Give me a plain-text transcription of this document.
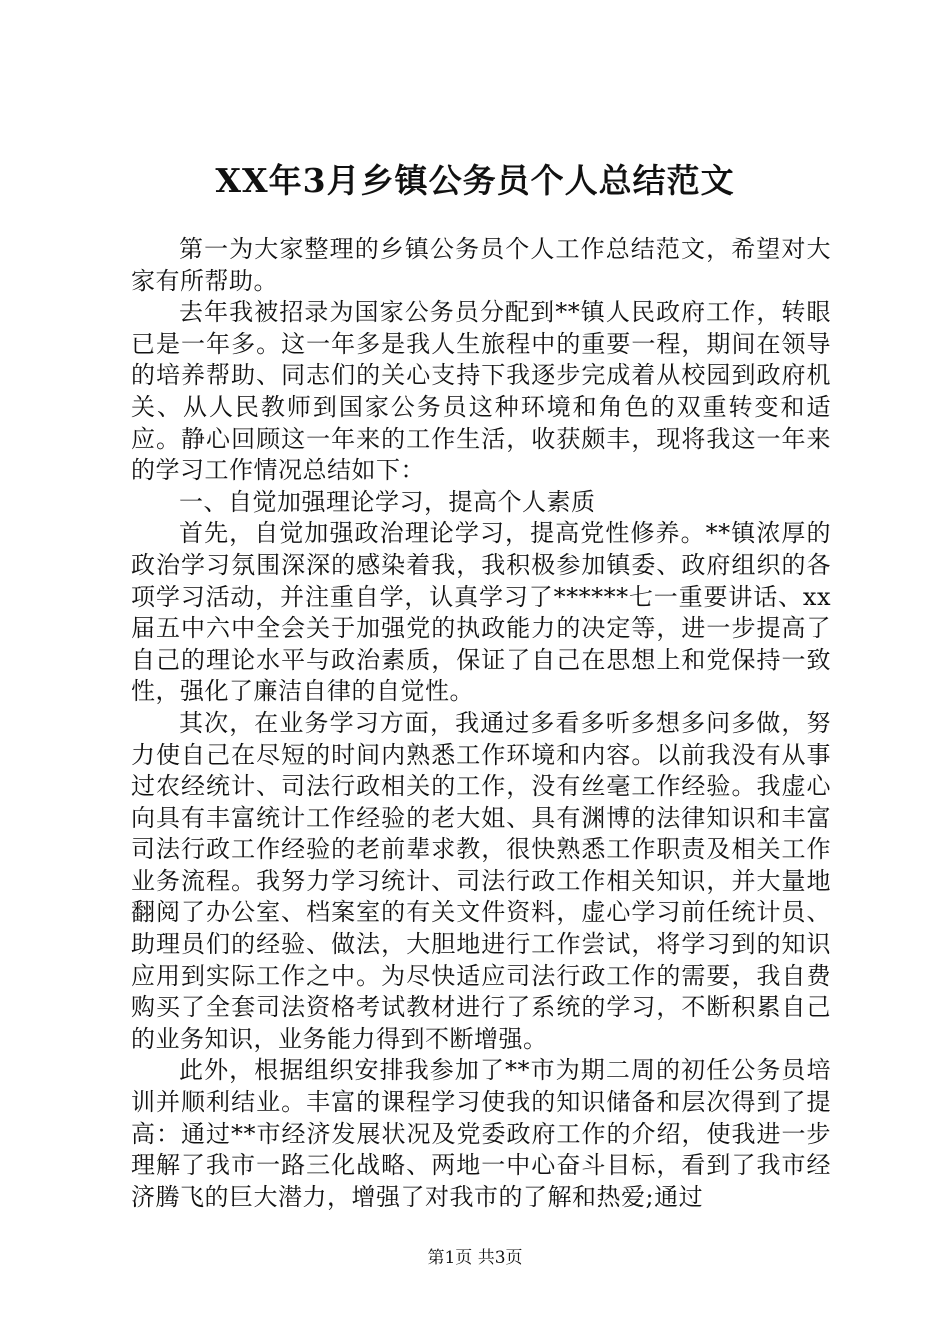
XX年3月乡镇公务员个人总结范文

第一为大家整理的乡镇公务员个人工作总结范文，希望对大家有所帮助。

去年我被招录为国家公务员分配到**镇人民政府工作，转眼已是一年多。这一年多是我人生旅程中的重要一程，期间在领导的培养帮助、同志们的关心支持下我逐步完成着从校园到政府机关、从人民教师到国家公务员这种环境和角色的双重转变和适应。静心回顾这一年来的工作生活，收获颇丰，现将我这一年来的学习工作情况总结如下：

一、自觉加强理论学习，提高个人素质

首先，自觉加强政治理论学习，提高党性修养。**镇浓厚的政治学习氛围深深的感染着我，我积极参加镇委、政府组织的各项学习活动，并注重自学，认真学习了******七一重要讲话、xx届五中六中全会关于加强党的执政能力的决定等，进一步提高了自己的理论水平与政治素质，保证了自己在思想上和党保持一致性，强化了廉洁自律的自觉性。

其次，在业务学习方面，我通过多看多听多想多问多做，努力使自己在尽短的时间内熟悉工作环境和内容。以前我没有从事过农经统计、司法行政相关的工作，没有丝毫工作经验。我虚心向具有丰富统计工作经验的老大姐、具有渊博的法律知识和丰富司法行政工作经验的老前辈求教，很快熟悉工作职责及相关工作业务流程。我努力学习统计、司法行政工作相关知识，并大量地翻阅了办公室、档案室的有关文件资料，虚心学习前任统计员、助理员们的经验、做法，大胆地进行工作尝试，将学习到的知识应用到实际工作之中。为尽快适应司法行政工作的需要，我自费购买了全套司法资格考试教材进行了系统的学习，不断积累自己的业务知识，业务能力得到不断增强。

此外，根据组织安排我参加了**市为期二周的初任公务员培训并顺利结业。丰富的课程学习使我的知识储备和层次得到了提高：通过**市经济发展状况及党委政府工作的介绍，使我进一步理解了我市一路三化战略、两地一中心奋斗目标，看到了我市经济腾飞的巨大潜力，增强了对我市的了解和热爱;通过

第1页 共3页
